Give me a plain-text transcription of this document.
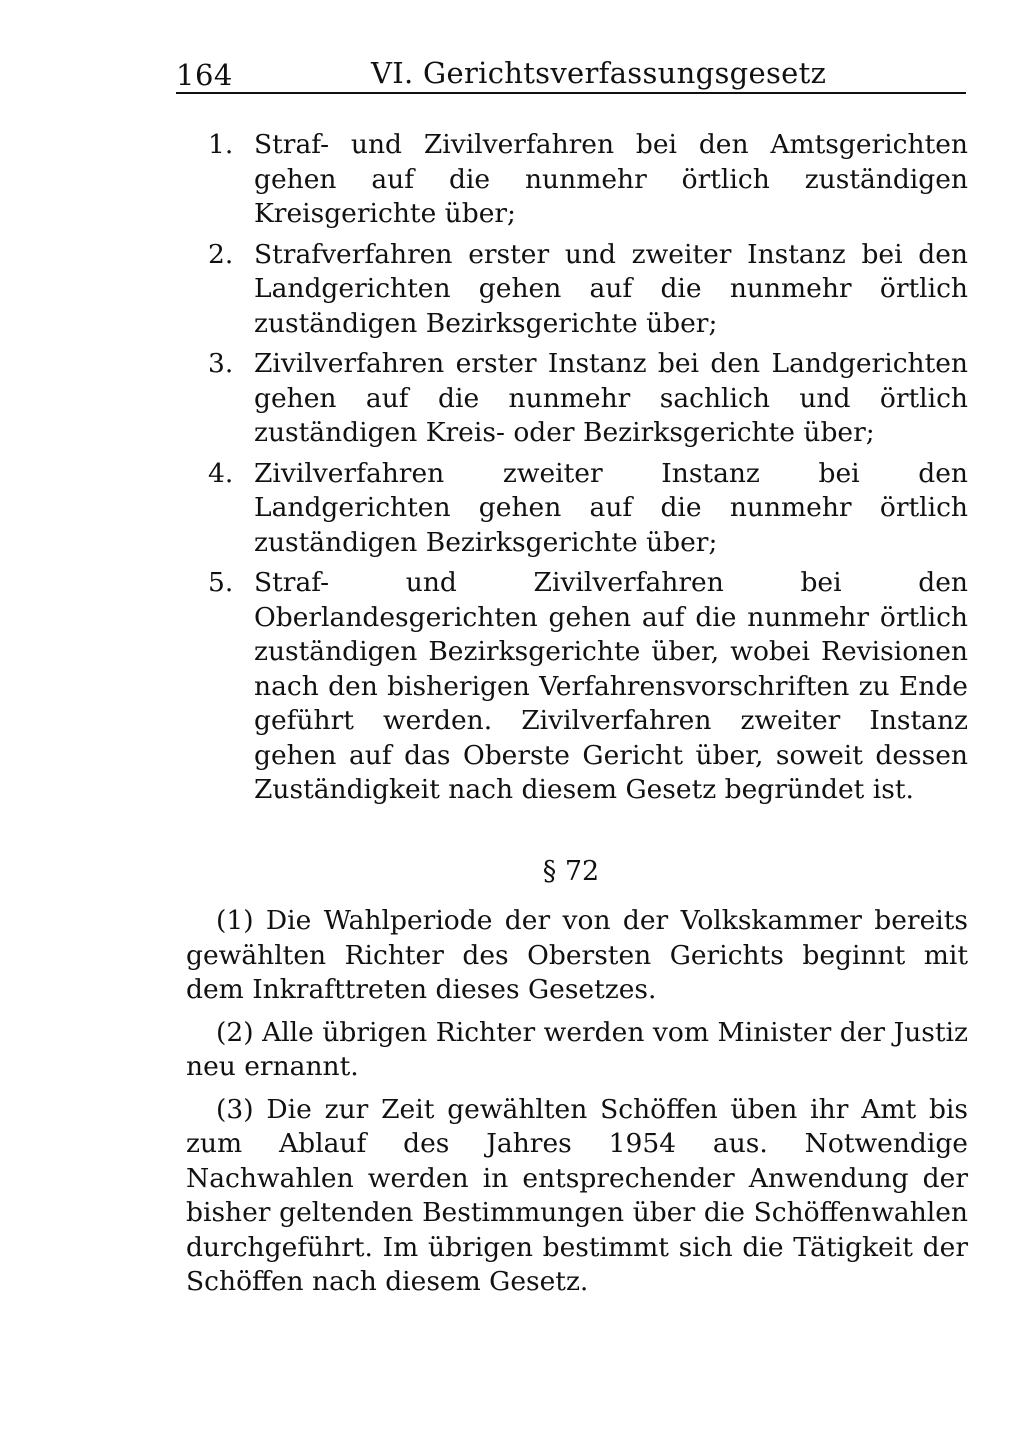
164	VI. Gerichtsverfassungsgesetz
1. Straf- und Zivilverfahren bei den Amtsgerichten gehen auf die nunmehr örtlich zuständigen Kreisgerichte über;
2. Strafverfahren erster und zweiter Instanz bei den Landgerichten gehen auf die nunmehr örtlich zuständigen Bezirksgerichte über;
3. Zivilverfahren erster Instanz bei den Landgerichten gehen auf die nunmehr sachlich und örtlich zuständigen Kreis- oder Bezirksgerichte über;
4. Zivilverfahren zweiter Instanz bei den Landgerichten gehen auf die nunmehr örtlich zuständigen Bezirksgerichte über;
5. Straf- und Zivilverfahren bei den Oberlandesgerichten gehen auf die nunmehr örtlich zuständigen Bezirksgerichte über, wobei Revisionen nach den bisherigen Verfahrensvorschriften zu Ende geführt werden. Zivilverfahren zweiter Instanz gehen auf das Oberste Gericht über, soweit dessen Zuständigkeit nach diesem Gesetz begründet ist.
§ 72

(1) Die Wahlperiode der von der Volkskammer bereits gewählten Richter des Obersten Gerichts beginnt mit dem Inkrafttreten dieses Gesetzes.

(2) Alle übrigen Richter werden vom Minister der Justiz neu ernannt.

(3) Die zur Zeit gewählten Schöffen üben ihr Amt bis zum Ablauf des Jahres 1954 aus. Notwendige Nachwahlen werden in entsprechender Anwendung der bisher geltenden Bestimmungen über die Schöffenwahlen durchgeführt. Im übrigen bestimmt sich die Tätigkeit der Schöffen nach diesem Gesetz.
